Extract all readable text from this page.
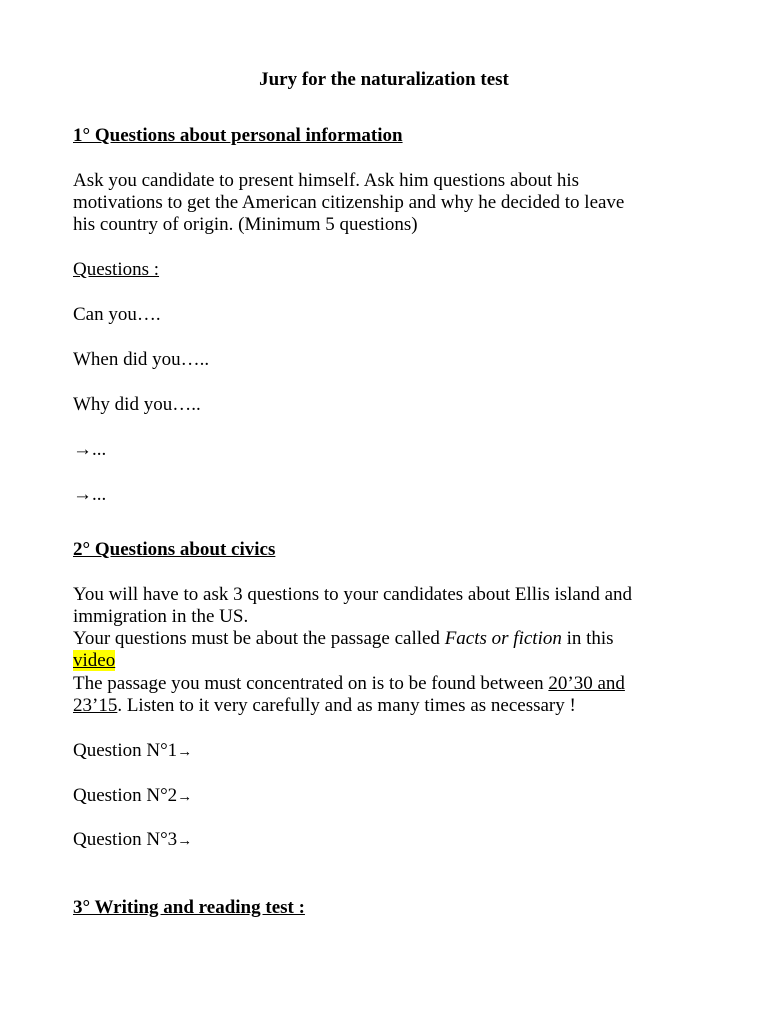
Jury for the naturalization test
1° Questions about personal information
Ask you candidate to present himself. Ask him questions about his
motivations to get the American citizenship and why he decided to leave
his country of origin. (Minimum 5 questions)
Questions :
Can you….
When did you…..
Why did you…..
→...
→...
2° Questions about civics
You will have to ask 3 questions to your candidates about Ellis island and
immigration in the US.
Your questions must be about the passage called Facts or fiction in this
video
The passage you must concentrated on is to be found between 20’30 and
23’15. Listen to it very carefully and as many times as necessary !
Question N°1→
Question N°2→
Question N°3→
3° Writing and reading test :
